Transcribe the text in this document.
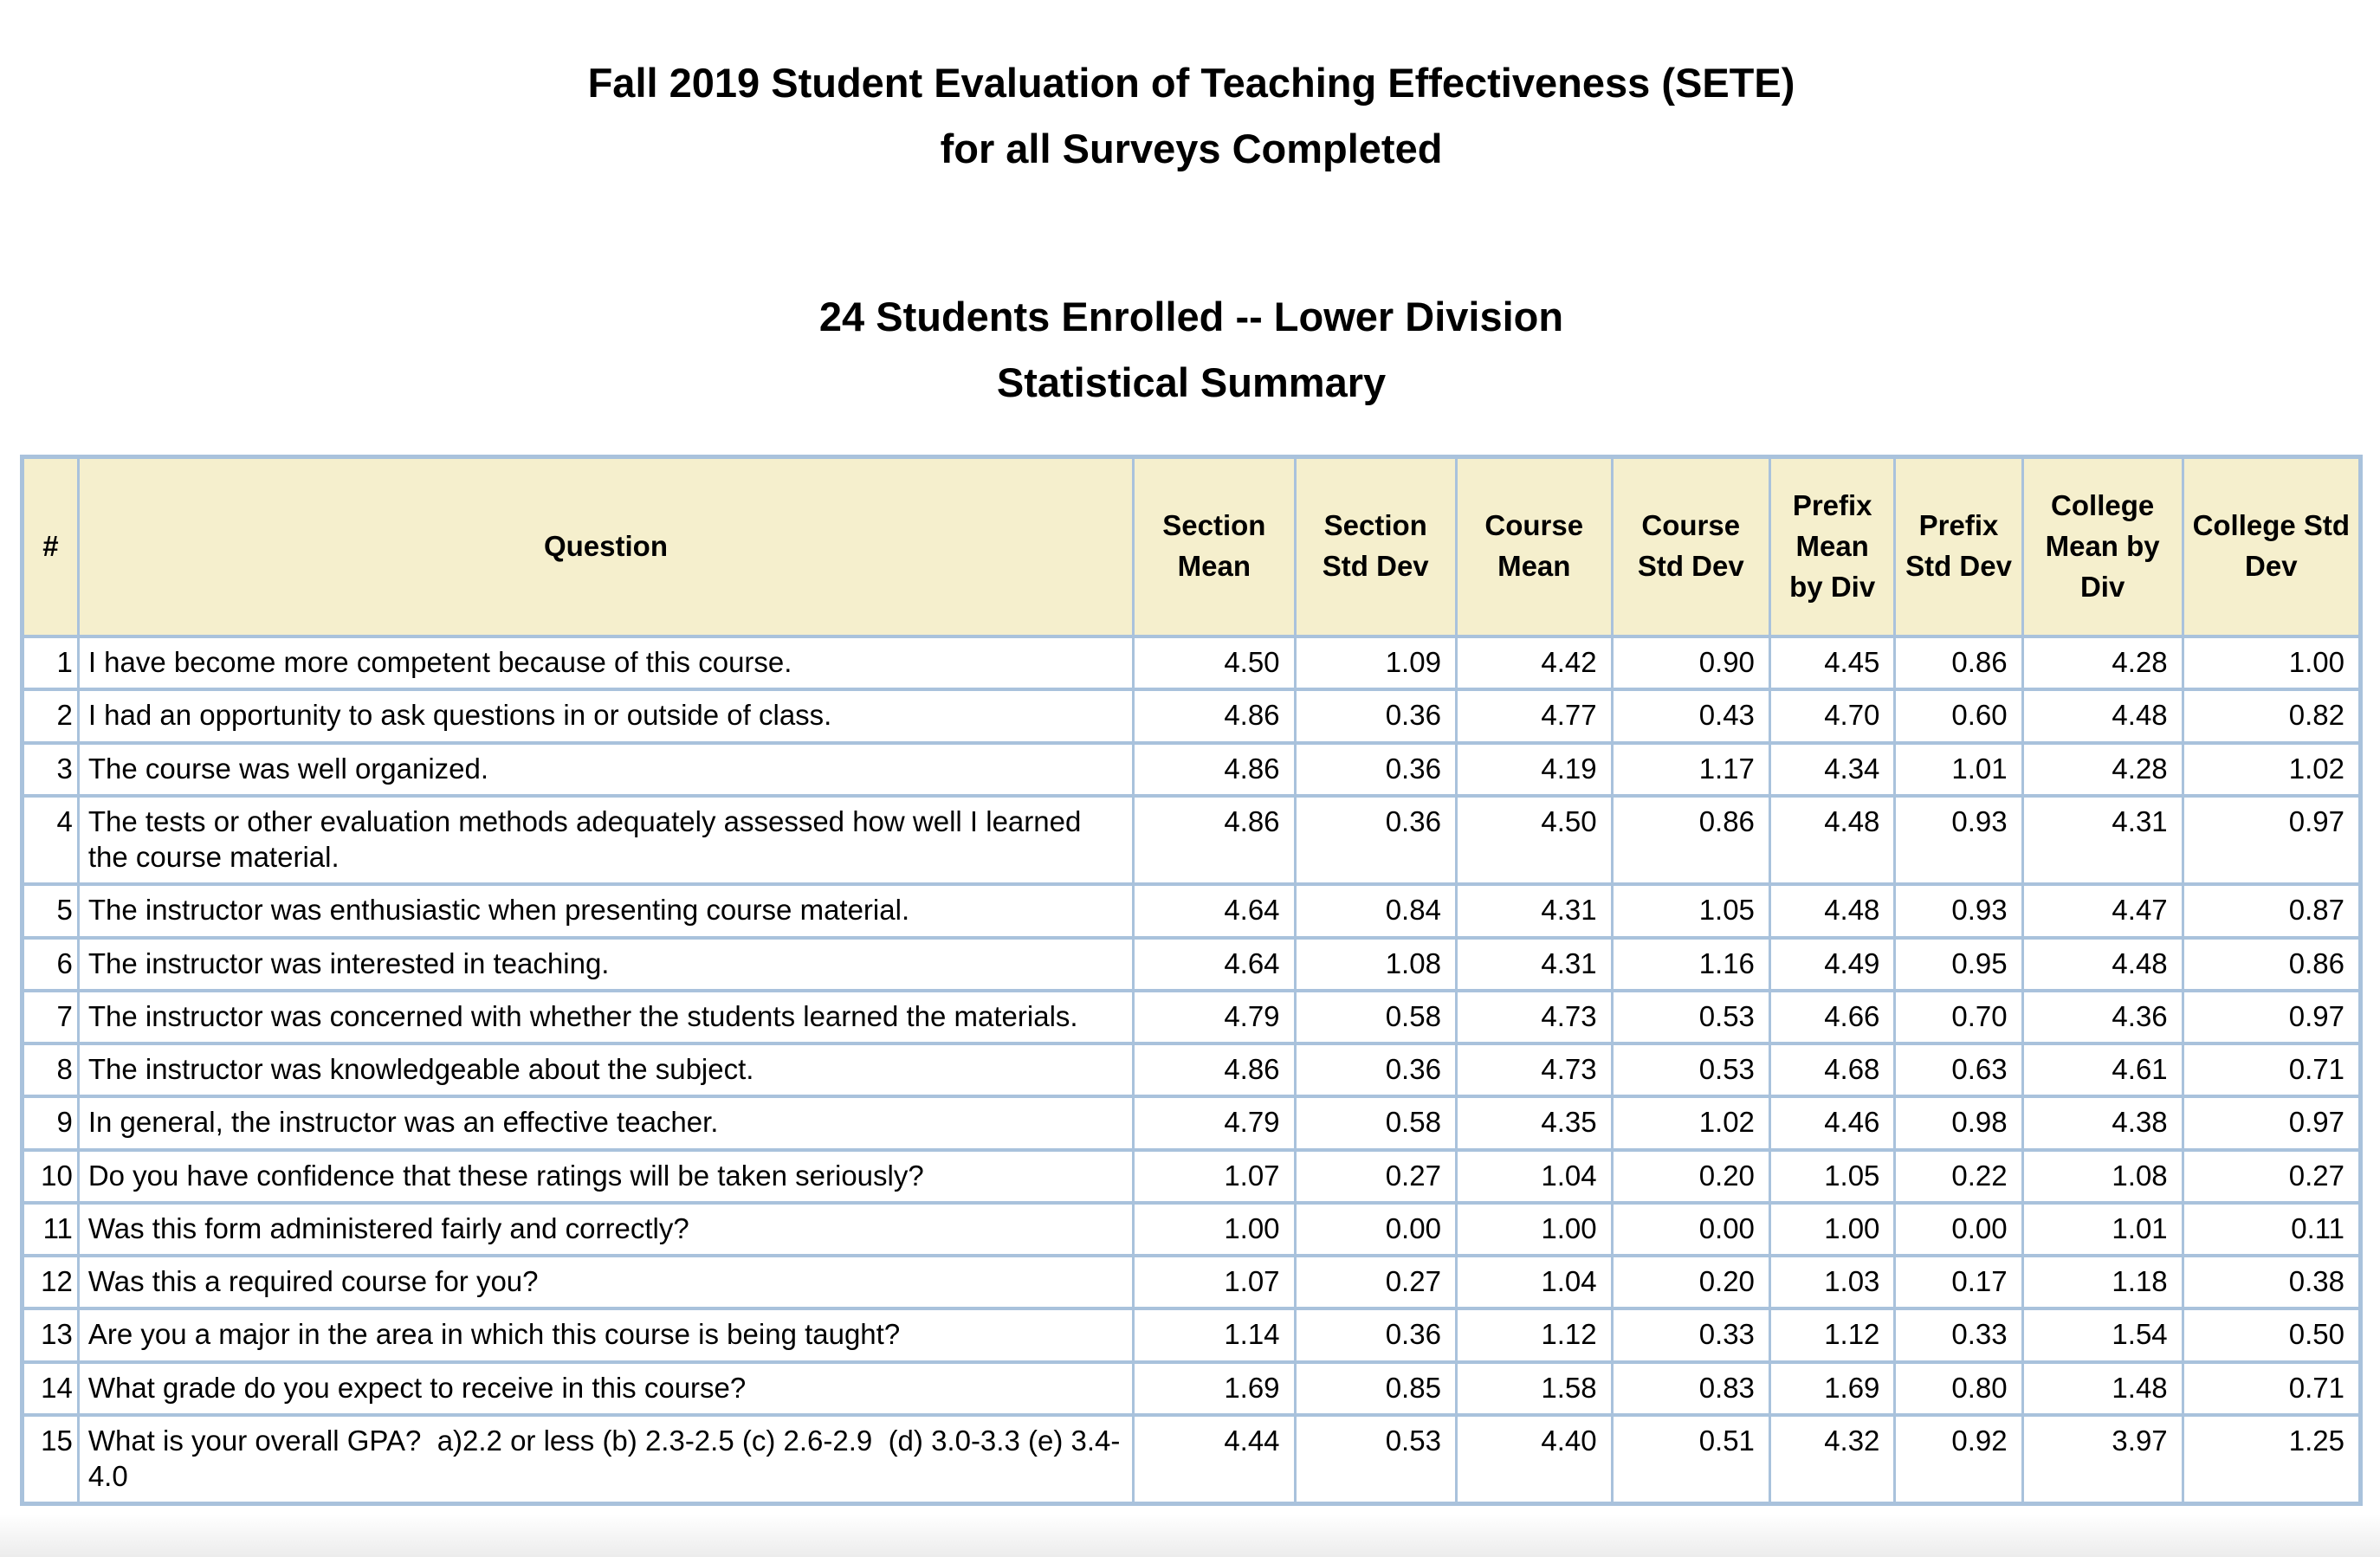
Fall 2019 Student Evaluation of Teaching Effectiveness (SETE)
for all Surveys Completed
24 Students Enrolled -- Lower Division
Statistical Summary
#	Question	Section Mean	Section Std Dev	Course Mean	Course Std Dev	Prefix Mean by Div	Prefix Std Dev	College Mean by Div	College Std Dev
1	I have become more competent because of this course.	4.50	1.09	4.42	0.90	4.45	0.86	4.28	1.00
2	I had an opportunity to ask questions in or outside of class.	4.86	0.36	4.77	0.43	4.70	0.60	4.48	0.82
3	The course was well organized.	4.86	0.36	4.19	1.17	4.34	1.01	4.28	1.02
4	The tests or other evaluation methods adequately assessed how well I learned the course material.	4.86	0.36	4.50	0.86	4.48	0.93	4.31	0.97
5	The instructor was enthusiastic when presenting course material.	4.64	0.84	4.31	1.05	4.48	0.93	4.47	0.87
6	The instructor was interested in teaching.	4.64	1.08	4.31	1.16	4.49	0.95	4.48	0.86
7	The instructor was concerned with whether the students learned the materials.	4.79	0.58	4.73	0.53	4.66	0.70	4.36	0.97
8	The instructor was knowledgeable about the subject.	4.86	0.36	4.73	0.53	4.68	0.63	4.61	0.71
9	In general, the instructor was an effective teacher.	4.79	0.58	4.35	1.02	4.46	0.98	4.38	0.97
10	Do you have confidence that these ratings will be taken seriously?	1.07	0.27	1.04	0.20	1.05	0.22	1.08	0.27
11	Was this form administered fairly and correctly?	1.00	0.00	1.00	0.00	1.00	0.00	1.01	0.11
12	Was this a required course for you?	1.07	0.27	1.04	0.20	1.03	0.17	1.18	0.38
13	Are you a major in the area in which this course is being taught?	1.14	0.36	1.12	0.33	1.12	0.33	1.54	0.50
14	What grade do you expect to receive in this course?	1.69	0.85	1.58	0.83	1.69	0.80	1.48	0.71
15	What is your overall GPA?  a)2.2 or less (b) 2.3-2.5 (c) 2.6-2.9  (d) 3.0-3.3 (e) 3.4-4.0	4.44	0.53	4.40	0.51	4.32	0.92	3.97	1.25
